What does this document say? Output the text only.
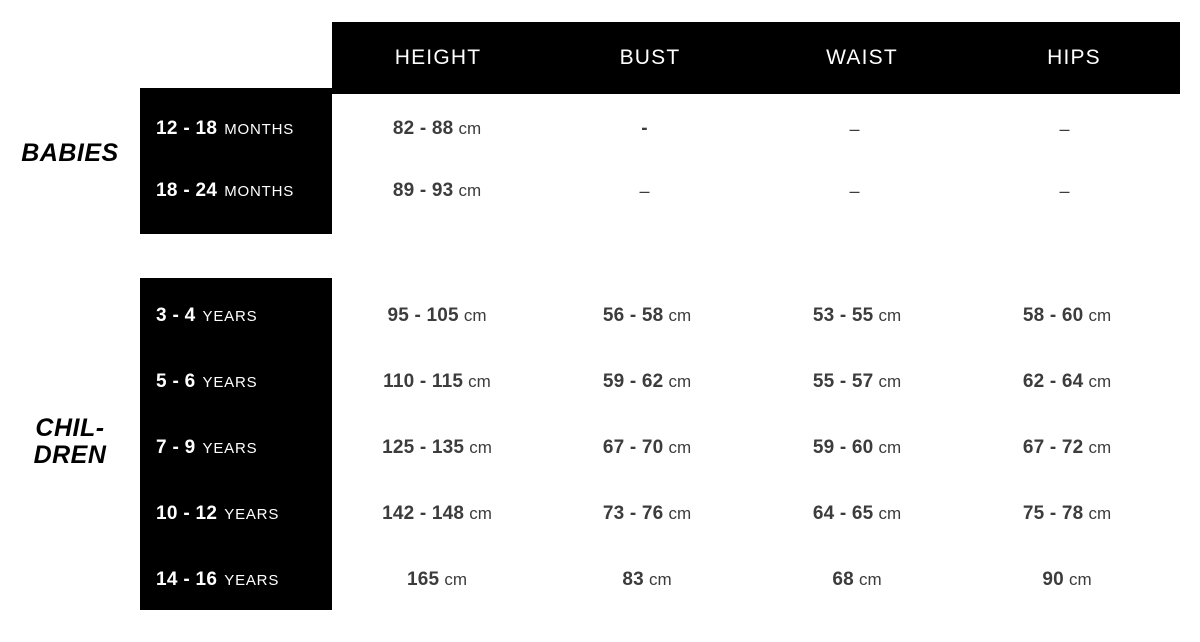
HEIGHT	BUST	WAIST	HIPS
BABIES
CHIL-
DREN
12 - 18 MONTHS	82 - 88 cm	-	–	–
18 - 24 MONTHS	89 - 93 cm	–	–	–
3 - 4 YEARS	95 - 105 cm	56 - 58 cm	53 - 55 cm	58 - 60 cm
5 - 6 YEARS	110 - 115 cm	59 - 62 cm	55 - 57 cm	62 - 64 cm
7 - 9 YEARS	125 - 135 cm	67 - 70 cm	59 - 60 cm	67 - 72 cm
10 - 12 YEARS	142 - 148 cm	73 - 76 cm	64 - 65 cm	75 - 78 cm
14 - 16 YEARS	165 cm	83 cm	68 cm	90 cm
